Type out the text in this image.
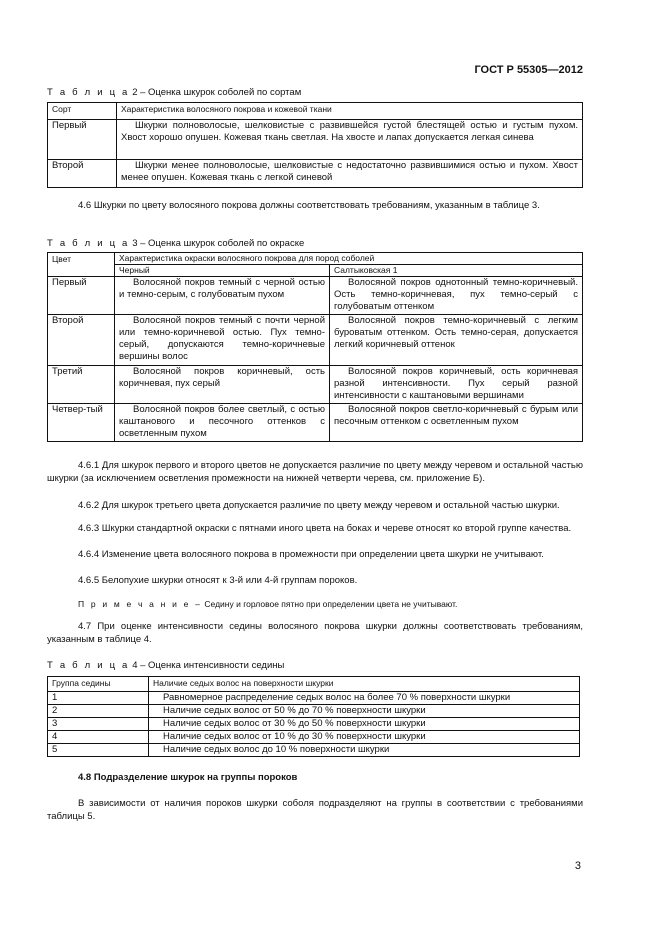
ГОСТ Р 55305—2012
Т а б л и ц а 2 – Оценка шкурок соболей по сортам
Сорт	Характеристика волосяного покрова и кожевой ткани
Первый	Шкурки полноволосые, шелковистые с развившейся густой блестящей остью и густым пухом. Хвост хорошо опушен. Кожевая ткань светлая. На хвосте и лапах допускается легкая синева
Второй	Шкурки менее полноволосые, шелковистые с недостаточно развившимися остью и пухом. Хвост менее опушен. Кожевая ткань с легкой синевой
4.6 Шкурки по цвету волосяного покрова должны соответствовать требованиям, указанным в таблице 3.
Т а б л и ц а 3 – Оценка шкурок соболей по окраске
Цвет	Характеристика окраски волосяного покрова для пород соболей	
	Черный	Салтыковская 1
Первый	Волосяной покров темный с черной остью и темно-серым, с голубоватым пухом	Волосяной покров однотонный темно-коричневый. Ость темно-коричневая, пух темно-серый с голубоватым оттенком
Второй	Волосяной покров темный с почти черной или темно-коричневой остью. Пух темно-серый, допускаются темно-коричневые вершины волос	Волосяной покров темно-коричневый с легким буроватым оттенком. Ость темно-серая, допускается легкий коричневый оттенок
Третий	Волосяной покров коричневый, ость коричневая, пух серый	Волосяной покров коричневый, ость коричневая разной интенсивности. Пух серый разной интенсивности с каштановыми вершинами
Четвер-тый	Волосяной покров более светлый, с остью каштанового и песочного оттенков с осветленным пухом	Волосяной покров светло-коричневый с бурым или песочным оттенком с осветленным пухом
4.6.1 Для шкурок первого и второго цветов не допускается различие по цвету между черевом и остальной частью шкурки (за исключением осветления промежности на нижней четверти черева, см. приложение Б).
4.6.2 Для шкурок третьего цвета допускается различие по цвету между черевом и остальной частью шкурки.
4.6.3 Шкурки стандартной окраски с пятнами иного цвета на боках и череве относят ко второй группе качества.
4.6.4 Изменение цвета волосяного покрова в промежности при определении цвета шкурки не учитывают.
4.6.5 Белопухие шкурки относят к 3-й или 4-й группам пороков.
П р и м е ч а н и е – Седину и горловое пятно при определении цвета не учитывают.
4.7 При оценке интенсивности седины волосяного покрова шкурки должны соответствовать требованиям, указанным в таблице 4.
Т а б л и ц а 4 – Оценка интенсивности седины
Группа седины	Наличие седых волос на поверхности шкурки
1	Равномерное распределение седых волос на более 70 % поверхности шкурки
2	Наличие седых волос от 50 % до 70 % поверхности шкурки
3	Наличие седых волос от 30 % до 50 % поверхности шкурки
4	Наличие седых волос от 10 % до 30 % поверхности шкурки
5	Наличие седых волос до 10 % поверхности шкурки
4.8 Подразделение шкурок на группы пороков
В зависимости от наличия пороков шкурки соболя подразделяют на группы в соответствии с требованиями таблицы 5.
3
